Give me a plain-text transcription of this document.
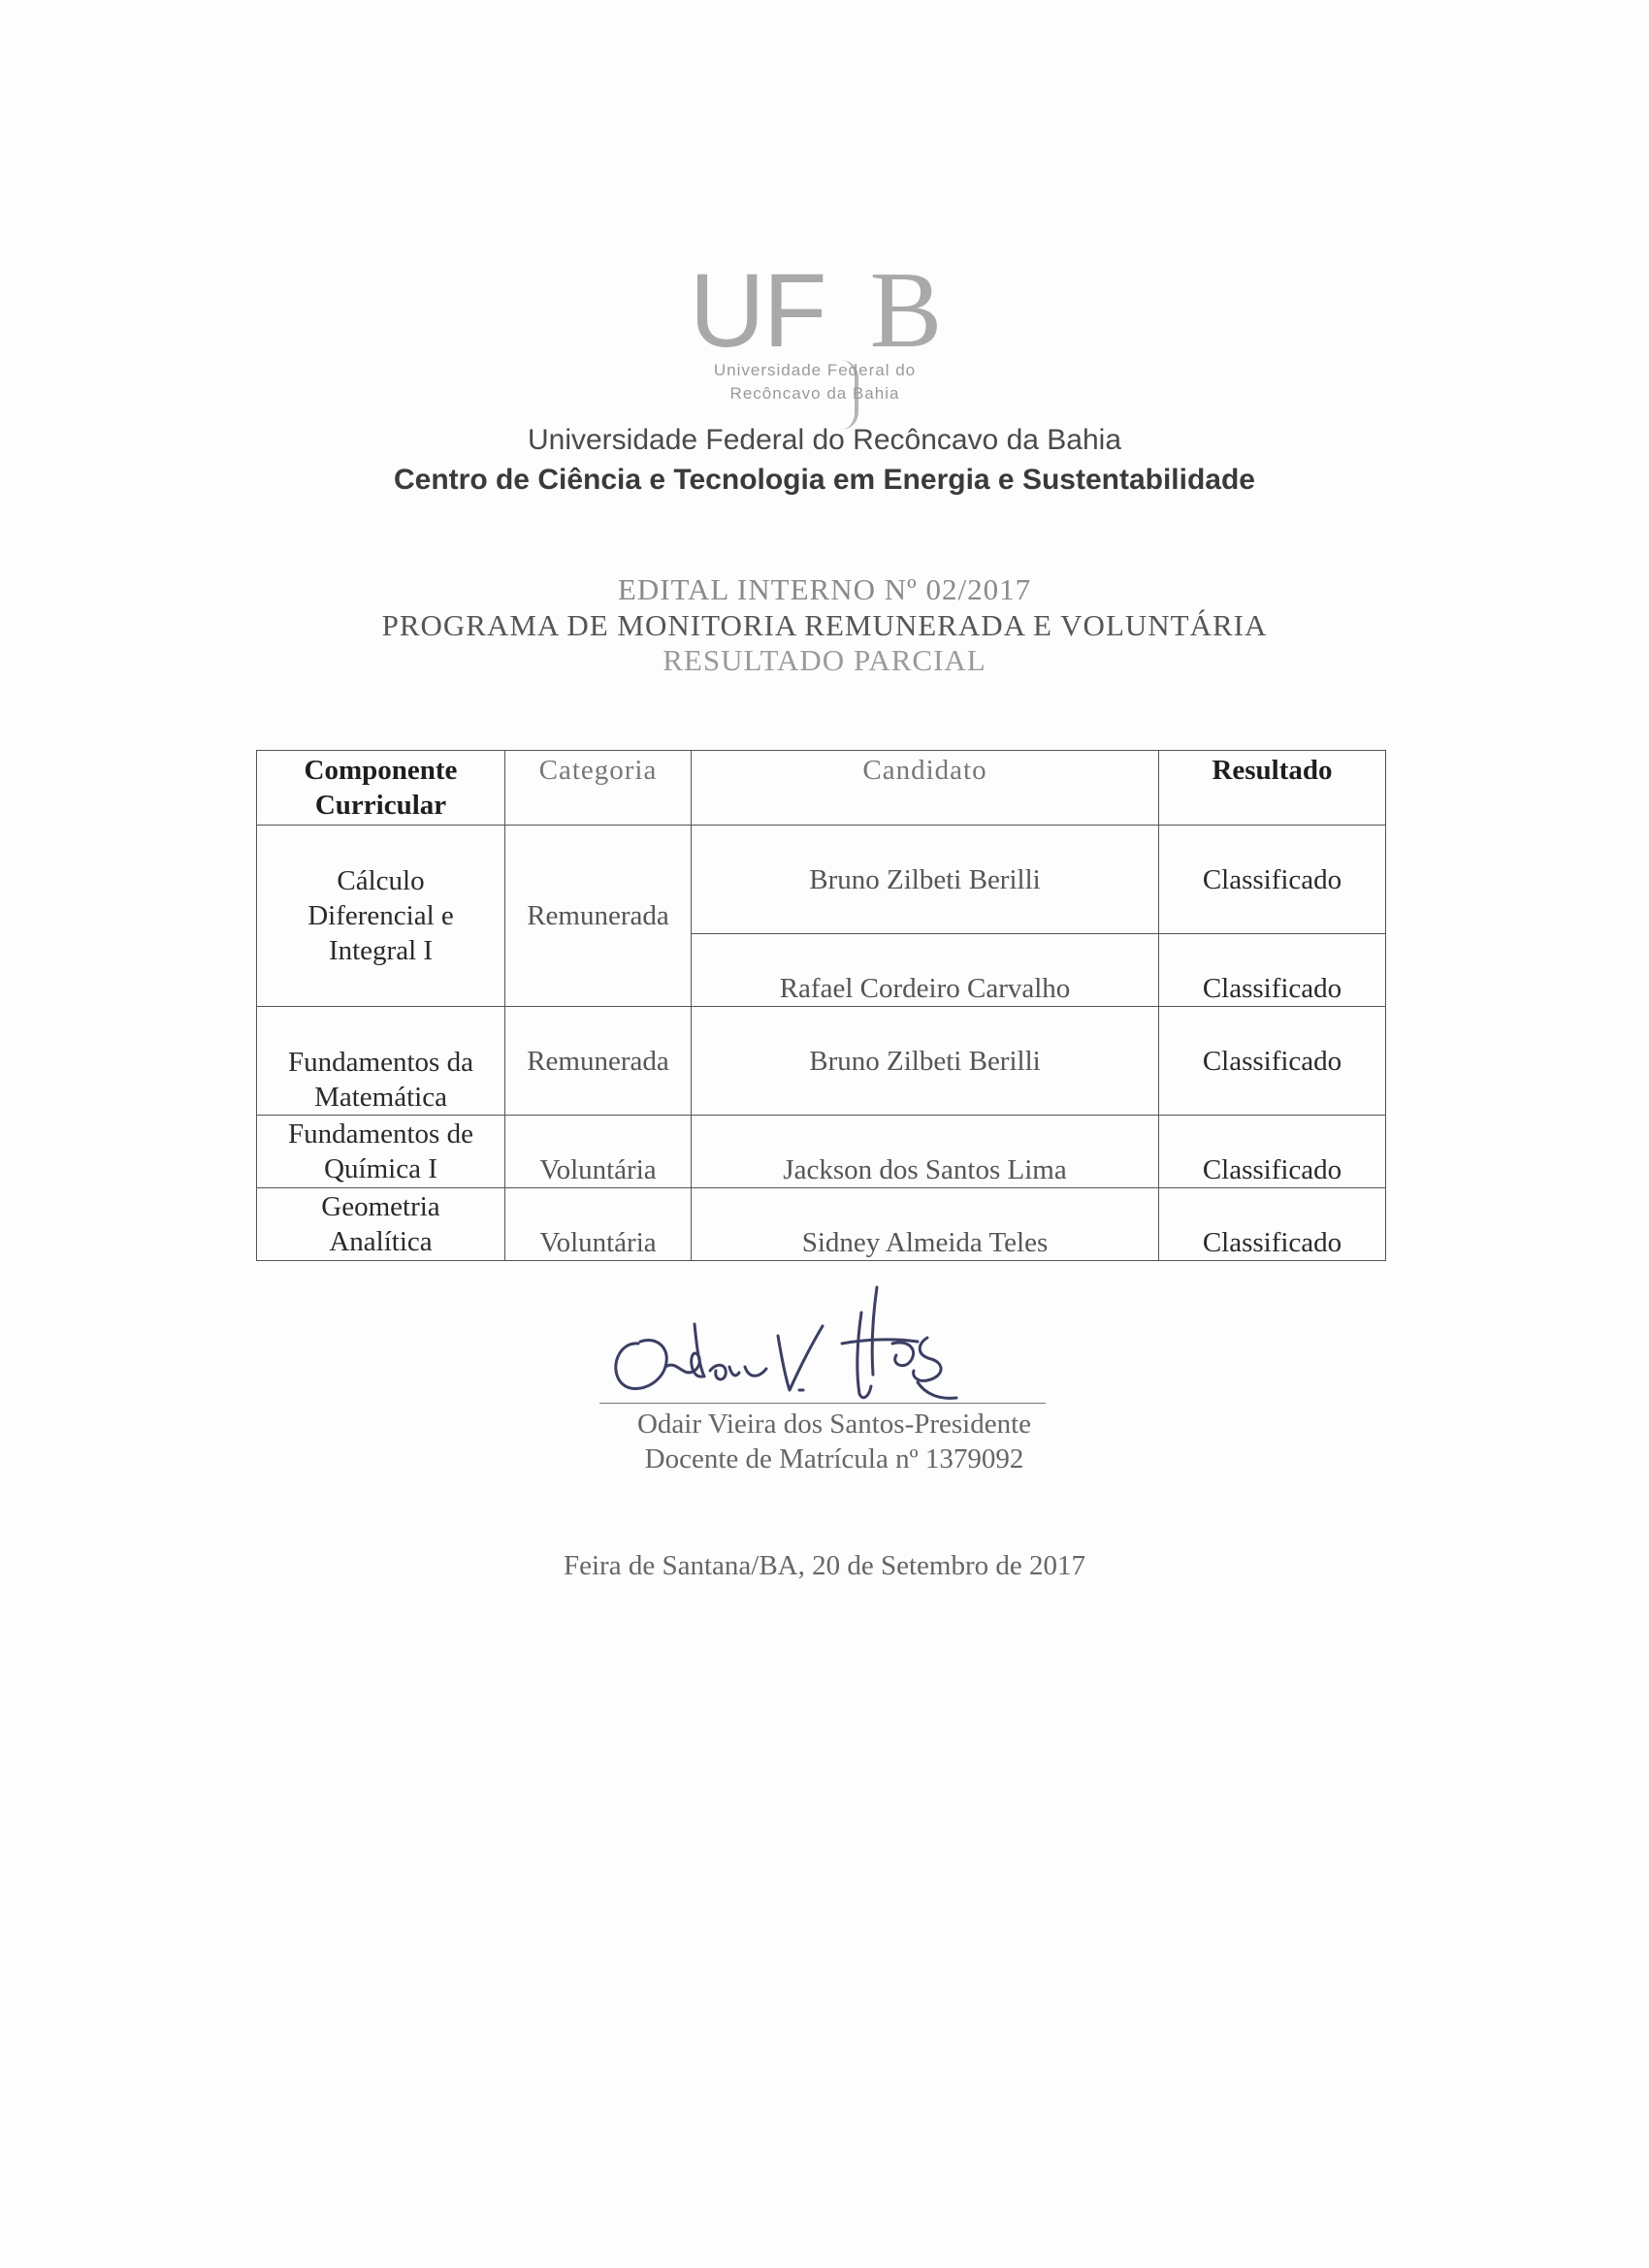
UF B
Universidade Federal do
Recôncavo da Bahia
Universidade Federal do Recôncavo da Bahia
Centro de Ciência e Tecnologia em Energia e Sustentabilidade
EDITAL INTERNO Nº 02/2017
PROGRAMA DE MONITORIA REMUNERADA E VOLUNTÁRIA
RESULTADO PARCIAL
Componente
Curricular	Categoria	Candidato	Resultado

Cálculo
Diferencial e
Integral I	Remunerada	Bruno Zilbeti Berilli	Classificado
		Rafael Cordeiro Carvalho	Classificado

Fundamentos da
Matemática	Remunerada	Bruno Zilbeti Berilli	Classificado

Fundamentos de
Química I	Voluntária	Jackson dos Santos Lima	Classificado

Geometria
Analítica	Voluntária	Sidney Almeida Teles	Classificado
Odair Vieira dos Santos-Presidente
Docente de Matrícula nº 1379092
Feira de Santana/BA, 20 de Setembro de 2017
